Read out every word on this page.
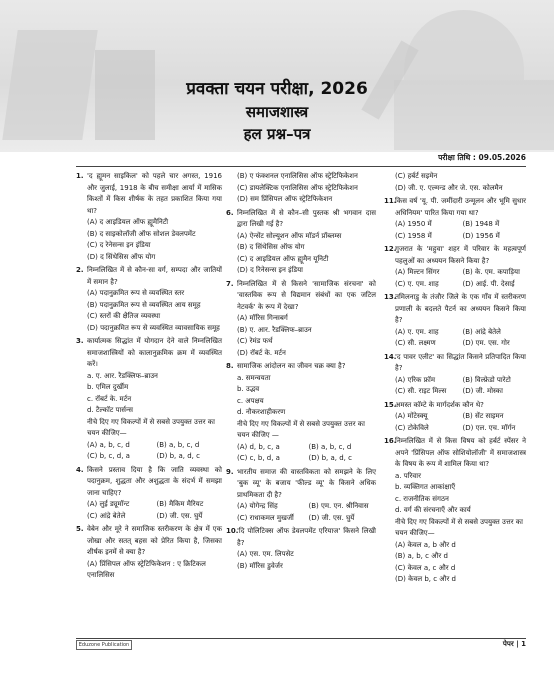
प्रवक्ता चयन परीक्षा, 2026
समाजशास्त्र
हल प्रश्न–पत्र
परीक्षा तिथि : 09.05.2026
1. 'द ह्यूमन साइकिल' को पहले चार अगस्त, 1916 और जुलाई, 1918 के बीच समीक्षा आर्या में मासिक किश्तों में किस शीर्षक के तहत प्रकाशित किया गया था?
(A) द आइडियल ऑफ ह्यूमैनिटी
(B) द साइकोलॉजी ऑफ सोशल डेवलपमेंट
(C) द रेनेसन्स इन इंडिया
(D) द सिंथेसिस ऑफ योग
2. निम्नलिखित में से कौन-सा वर्ग, सम्पदा और जातियों में समान है?
(A) पदानुक्रमित रूप से व्यवस्थित स्तर
(B) पदानुक्रमित रूप से व्यवस्थित आय समूह
(C) स्तरों की क्षैतिज व्यवस्था
(D) पदानुक्रमित रूप से व्यवस्थित व्यावसायिक समूह
3. कार्यात्मक सिद्धांत में योगदान देने वाले निम्नलिखित समाजशास्त्रियों को कालानुक्रमिक क्रम में व्यवस्थित करें।
a. ए. आर. रैडक्लिफ–ब्राउन
b. एमिल दुर्खीम
c. रॉबर्ट के. मर्टन
d. टैल्कॉट पार्सन्स
नीचे दिए गए विकल्पों में से सबसे उपयुक्त उत्तर का चयन कीजिए—
(A) a, b, c, d	(B) a, b, c, d
(C) b, c, d, a	(D) b, a, d, c
4. किसने प्रस्ताव दिया है कि जाति व्यवस्था को पदानुक्रम, शुद्धता और अशुद्धता के संदर्भ में समझा जाना चाहिए?
(A) लुई ड्यूमॉन्ट	(B) मैकिम मैरियट
(C) आंद्रे बेतेले	(D) जी. एस. घुर्ये
5. वेबेन और मूरे ने समाजिक स्तरीकरण के क्षेत्र में एक जोखा और सतत् बहस को प्रेरित किया है, जिसका शीर्षक इनमें से क्या है?
(A) प्रिंसिपल ऑफ स्ट्रेटिफिकेशन : ए क्रिटिकल एनालिसिस
(B) ए फंक्शनल एनालिसिस ऑफ स्ट्रेटिफिकेशन
(C) डायलेक्टिक एनालिसिस ऑफ स्ट्रेटिफिकेशन
(D) सम प्रिंसिपल ऑफ स्ट्रेटिफिकेशन
6. निम्नलिखित में से कौन–सी पुस्तक श्री भगवान दास द्वारा लिखी गई है?
(A) ऐन्सेंट सोल्यूशन ऑफ मॉडर्न प्रॉब्लम्स
(B) द सिंथेसिस ऑफ योग
(C) द आइडियल ऑफ ह्यूमैन यूनिटी
(D) द रिनेसन्स इन इंडिया
7. निम्नलिखित में से किसने 'सामाजिक संरचना' को 'वास्तविक रूप से विद्यमान संबंधों का एक जटिल नेटवर्क' के रूप में देखा?
(A) मॉरिस गिन्सबर्ग
(B) ए. आर. रैडक्लिफ–ब्राउन
(C) रेमंड फर्थ
(D) रॉबर्ट के. मर्टन
8. सामाजिक आंदोलन का जीवन चक्र क्या है?
a. समन्वयता
b. उद्भव
c. अपक्षय
d. नौकरशाहीकरण
नीचे दिए गए विकल्पों में से सबसे उपयुक्त उत्तर का चयन कीजिए —
(A) d, b, c, a	(B) a, b, c, d
(C) c, b, d, a	(D) b, a, d, c
9. भारतीय समाज की वास्तविकता को समझने के लिए 'बुक व्यू' के बजाय 'फील्ड व्यू' के किसने अधिक प्राथमिकता दी है?
(A) योगेन्द्र सिंह	(B) एम. एन. श्रीनिवास
(C) राधाकमल मुखर्जी	(D) जी. एस. घुर्ये
10.
'दि पोलिटिक्स ऑफ डेवलपमेंट एरियाज' किसने लिखी है?
(A) एस. एम. लिपसेट
(B) मॉरिस डुवेर्जर
(C) हर्बर्ट सइमेन
(D) जी. ए. एल्मन्ड और जे. एस. कोलमैन
11.
किस वर्ष 'यू. पी. जमींदारी उन्मूलन और भूमि सुधार अधिनियम' पारित किया गया था?
(A) 1950 में	(B) 1948 में
(C) 1958 में	(D) 1956 में
12.
गुजरात के 'महुवा' शहर में परिवार के महत्वपूर्ण पहलुओं का अध्ययन किसने किया है?
(A) मिल्टन सिंगर	(B) के. एम. कपाड़िया
(C) ए. एम. शाह	(D) आई. पी. देसाई
13.
तमिलनाडु के तंजौर जिले के एक गाँव में स्तरीकरण प्रणाली के बदलते पैटर्न का अध्ययन किसने किया है?
(A) ए. एम. शाह	(B) आंद्रे बेतेले
(C) सी. लक्ष्मण	(D) एम. एस. गोर
14.
'द पावर एलीट' का सिद्धांत किसने प्रतिपादित किया है?
(A) एरिक फ्रॉम	(B) विल्फ्रेडो पारेटो
(C) सी. राइट मिल्स	(D) जी. मोस्का
15.
अमस्त कॉम्टे के मार्गदर्शक कौन थे?
(A) मोंटेस्क्यू	(B) सेंट साइमन
(C) टोकेविले	(D) एल. एच. मॉर्गन
16.
निम्नलिखित में से किस विषय को हर्बर्ट स्पेंसर ने अपने 'प्रिंसिपल ऑफ सोशियोलॉजी' में समाजशास्त्र के विषय के रूप में शामिल किया था?
a. परिवार
b. व्यक्तिगत आकांक्षाएँ
c. राजनीतिक संगठन
d. वर्ग की संरचनाएँ और कार्य
नीचे दिए गए विकल्पों में से सबसे उपयुक्त उत्तर का चयन कीजिए—
(A) केवल a, b और d
(B) a, b, c और d
(C) केवल a, c और d
(D) केवल b, c और d
Eduzone Publication	पेपर | 1
